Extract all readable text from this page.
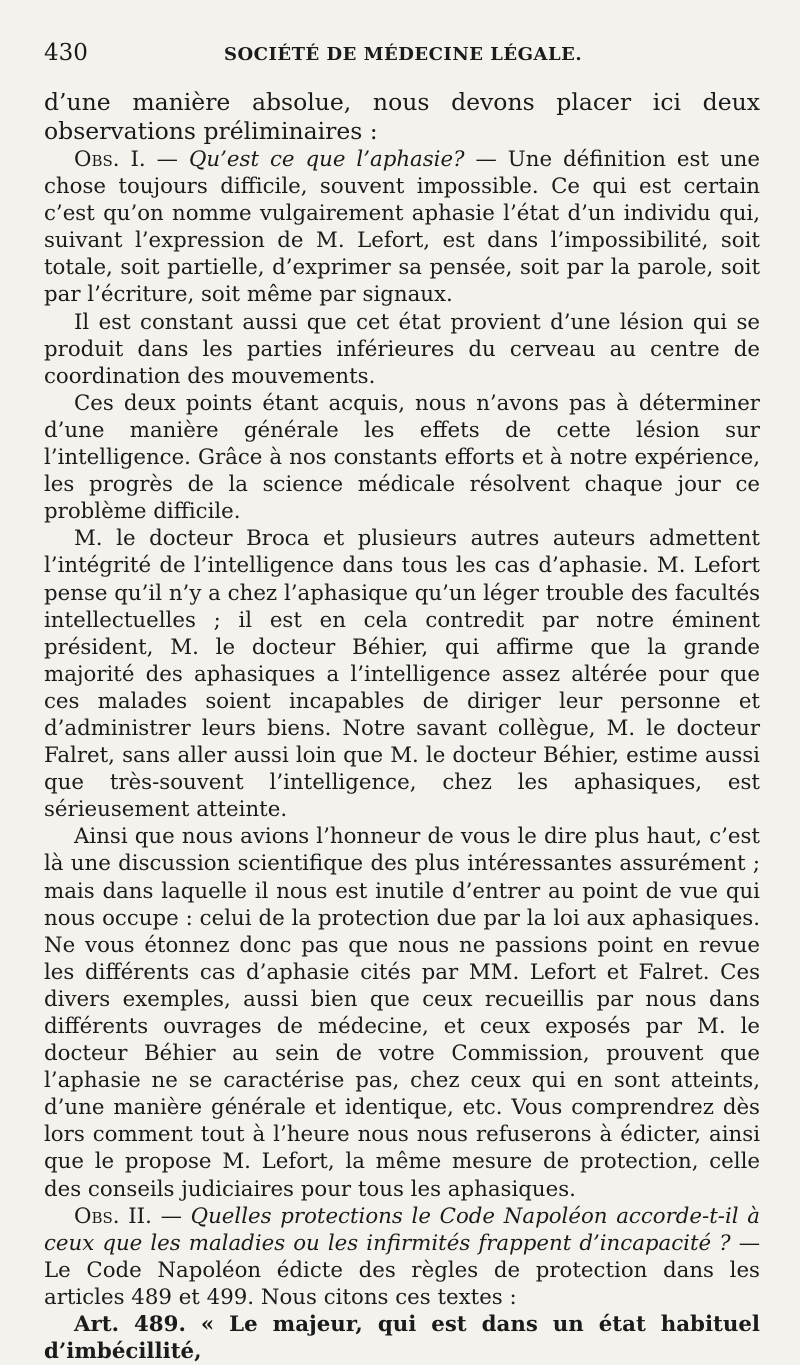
430	SOCIÉTÉ DE MÉDECINE LÉGALE.

d’une manière absolue, nous devons placer ici deux observations préliminaires :

Obs. I. — Qu’est ce que l’aphasie? — Une définition est une chose toujours difficile, souvent impossible. Ce qui est certain c’est qu’on nomme vulgairement aphasie l’état d’un individu qui, suivant l’expression de M. Lefort, est dans l’impossibilité, soit totale, soit partielle, d’exprimer sa pensée, soit par la parole, soit par l’écriture, soit même par signaux.

Il est constant aussi que cet état provient d’une lésion qui se produit dans les parties inférieures du cerveau au centre de coordination des mouvements.

Ces deux points étant acquis, nous n’avons pas à déterminer d’une manière générale les effets de cette lésion sur l’intelligence. Grâce à nos constants efforts et à notre expérience, les progrès de la science médicale résolvent chaque jour ce problème difficile.

M. le docteur Broca et plusieurs autres auteurs admettent l’intégrité de l’intelligence dans tous les cas d’aphasie. M. Lefort pense qu’il n’y a chez l’aphasique qu’un léger trouble des facultés intellectuelles ; il est en cela contredit par notre éminent président, M. le docteur Béhier, qui affirme que la grande majorité des aphasiques a l’intelligence assez altérée pour que ces malades soient incapables de diriger leur personne et d’administrer leurs biens. Notre savant collègue, M. le docteur Falret, sans aller aussi loin que M. le docteur Béhier, estime aussi que très-souvent l’intelligence, chez les aphasiques, est sérieusement atteinte.

Ainsi que nous avions l’honneur de vous le dire plus haut, c’est là une discussion scientifique des plus intéressantes assurément ; mais dans laquelle il nous est inutile d’entrer au point de vue qui nous occupe : celui de la protection due par la loi aux aphasiques. Ne vous étonnez donc pas que nous ne passions point en revue les différents cas d’aphasie cités par MM. Lefort et Falret. Ces divers exemples, aussi bien que ceux recueillis par nous dans différents ouvrages de médecine, et ceux exposés par M. le docteur Béhier au sein de votre Commission, prouvent que l’aphasie ne se caractérise pas, chez ceux qui en sont atteints, d’une manière générale et identique, etc. Vous comprendrez dès lors comment tout à l’heure nous nous refuserons à édicter, ainsi que le propose M. Lefort, la même mesure de protection, celle des conseils judiciaires pour tous les aphasiques.

Obs. II. — Quelles protections le Code Napoléon accorde-t-il à ceux que les maladies ou les infirmités frappent d’incapacité ? — Le Code Napoléon édicte des règles de protection dans les articles 489 et 499. Nous citons ces textes :

Art. 489. « Le majeur, qui est dans un état habituel d’imbécillité,
